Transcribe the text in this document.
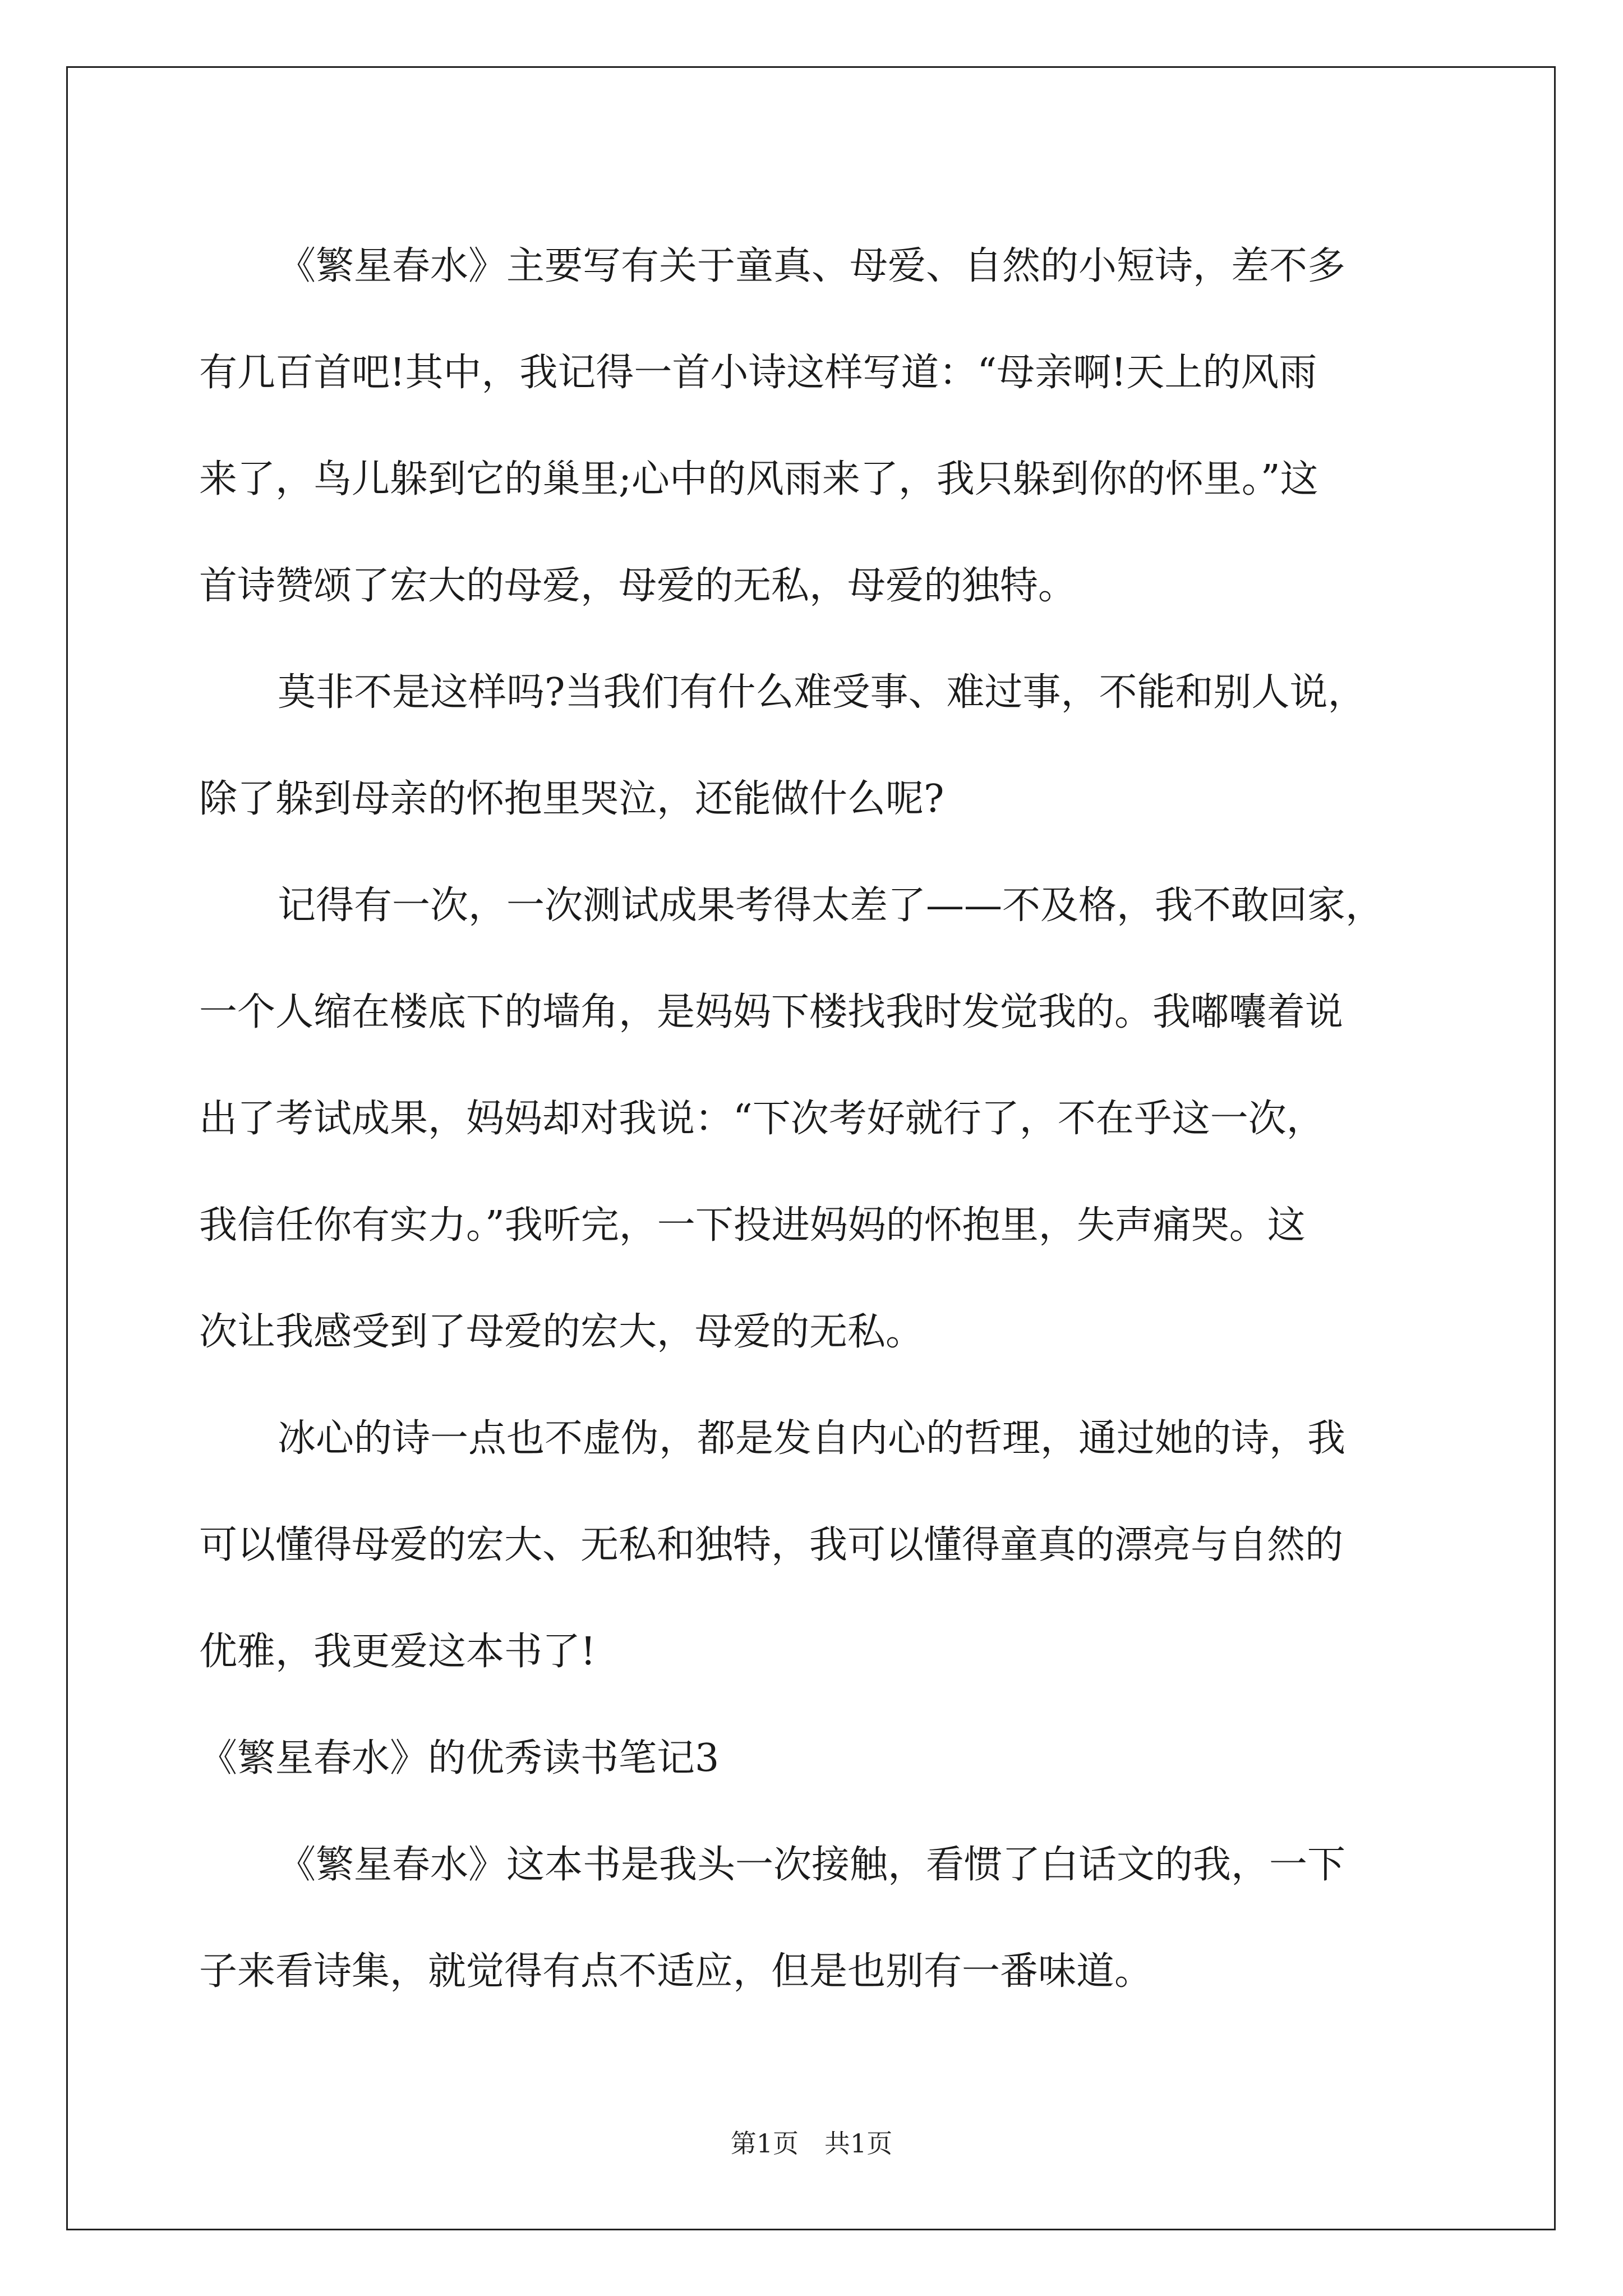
《繁星春水》主要写有关于童真、母爱、自然的小短诗，差不多
有几百首吧!其中，我记得一首小诗这样写道：“母亲啊!天上的风雨
来了，鸟儿躲到它的巢里;心中的风雨来了，我只躲到你的怀里。”这
首诗赞颂了宏大的母爱，母爱的无私，母爱的独特。
莫非不是这样吗?当我们有什么难受事、难过事，不能和别人说，
除了躲到母亲的怀抱里哭泣，还能做什么呢?
记得有一次，一次测试成果考得太差了——不及格，我不敢回家，
一个人缩在楼底下的墙角，是妈妈下楼找我时发觉我的。我嘟囔着说
出了考试成果，妈妈却对我说：“下次考好就行了，不在乎这一次，
我信任你有实力。”我听完，一下投进妈妈的怀抱里，失声痛哭。这
次让我感受到了母爱的宏大，母爱的无私。
冰心的诗一点也不虚伪，都是发自内心的哲理，通过她的诗，我
可以懂得母爱的宏大、无私和独特，我可以懂得童真的漂亮与自然的
优雅，我更爱这本书了!
《繁星春水》的优秀读书笔记3
《繁星春水》这本书是我头一次接触，看惯了白话文的我，一下
子来看诗集，就觉得有点不适应，但是也别有一番味道。
第1页　共1页
